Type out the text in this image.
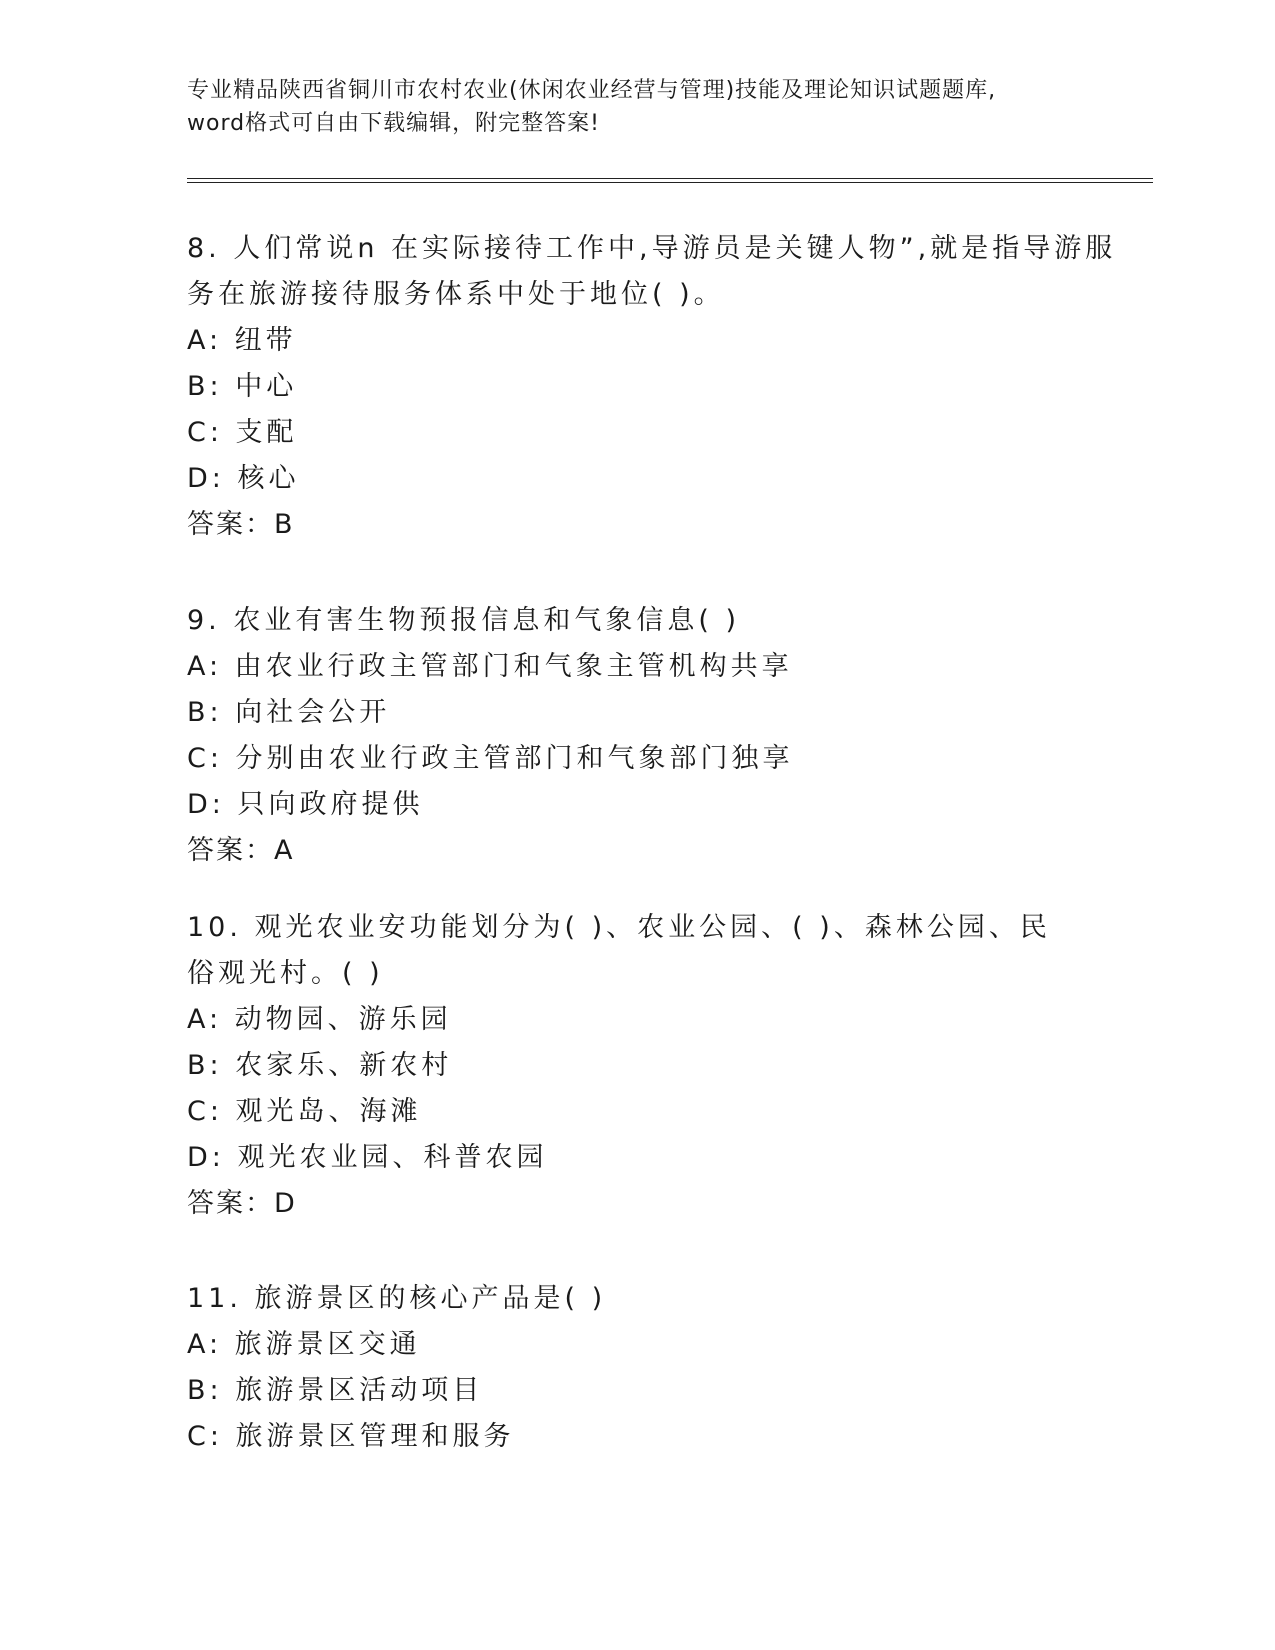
专业精品陕西省铜川市农村农业(休闲农业经营与管理)技能及理论知识试题题库,
word格式可自由下载编辑，附完整答案!
8. 人们常说n 在实际接待工作中,导游员是关键人物”,就是指导游服
务在旅游接待服务体系中处于地位( )。
A: 纽带
B: 中心
C: 支配
D: 核心
答案：B
9. 农业有害生物预报信息和气象信息( )
A: 由农业行政主管部门和气象主管机构共享
B: 向社会公开
C: 分别由农业行政主管部门和气象部门独享
D: 只向政府提供
答案：A
10. 观光农业安功能划分为( )、农业公园、( )、森林公园、民
俗观光村。( )
A: 动物园、游乐园
B: 农家乐、新农村
C: 观光岛、海滩
D: 观光农业园、科普农园
答案：D
11. 旅游景区的核心产品是( )
A: 旅游景区交通
B: 旅游景区活动项目
C: 旅游景区管理和服务
